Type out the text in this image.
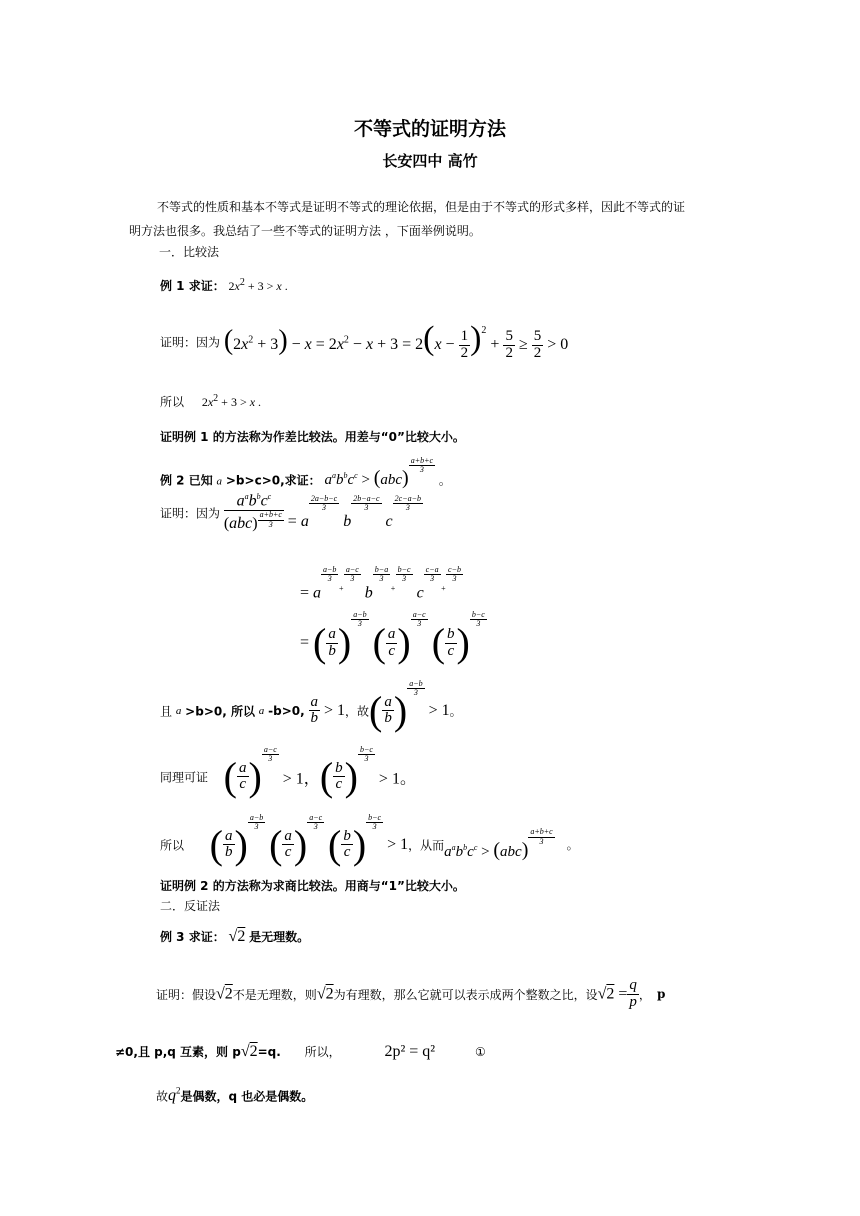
不等式的证明方法
长安四中 高竹
不等式的性质和基本不等式是证明不等式的理论依据，但是由于不等式的形式多样，因此不等式的证
明方法也很多。我总结了一些不等式的证明方法 ，下面举例说明。
一．比较法
例 1 求证： $2x^2 + 3 > x$ .
证明：因为 $(2x^2 + 3) - x = 2x^2 - x + 3 = 2(x - \frac{1}{2} )^2 + \frac{5}{2} \ge \frac{5}{2} > 0$
所以 $2x^2 + 3 > x$ .
证明例 1 的方法称为作差比较法。用差与“0”比较大小。
例 2 已知 a >b>c>0,求证： $a^ab^bc^c > (abc)$
$^{\frac{a+b+c}{3}}$
。
证明：因为 $a^ab^bc^c$
(abc) $^{\frac{a+b+c}{3}}$ = a
$^{\frac{2a-b-c}{3}}$
b
$^{\frac{2b-a-c}{3}}$
c
$^{\frac{2c-a-b}{3}}$
= a
$^{\frac{a-b}{3} + \frac{a-c}{3}}$
b
$^{\frac{b-a}{3} + \frac{b-c}{3}}$
c
$^{\frac{c-a}{3} + \frac{c-b}{3}}$
= ( $\frac{a}{b}$ )
$^{\frac{a-b}{3}}$
( $\frac{a}{c}$ )
$^{\frac{a-c}{3}}$
( $\frac{b}{c}$ )
$^{\frac{b-c}{3}}$
且 a >b>0, 所以 a -b>0, $\frac{a}{b} > 1$，故( $\frac{a}{b}$ ) $^{\frac{a-b}{3}}$
> 1。
同理可证 ( $\frac{a}{c}$ ) $^{\frac{a-c}{3}}$
> 1，( $\frac{b}{c}$ ) $^{\frac{b-c}{3}}$
> 1。
所以 ( $\frac{a}{b}$ ) $^{\frac{a-b}{3}}$ ( $\frac{a}{c}$ ) $^{\frac{a-c}{3}}$ ( $\frac{b}{c}$ ) $^{\frac{b-c}{3}}$
> 1，从而$a^ab^bc^c > (abc)$
$^{\frac{a+b+c}{3}}$ 。
证明例 2 的方法称为求商比较法。用商与“1”比较大小。
二．反证法
例 3 求证： √2 是无理数。
证明：假设√2不是无理数，则√2为有理数，那么它就可以表示成两个整数之比，设$√2 = \frac{q}{p}$ ， p
≠0,且 p,q 互素，则 p√2=q. 所以，	2p² = q²	①
故$q^2$是偶数，q 也必是偶数。
